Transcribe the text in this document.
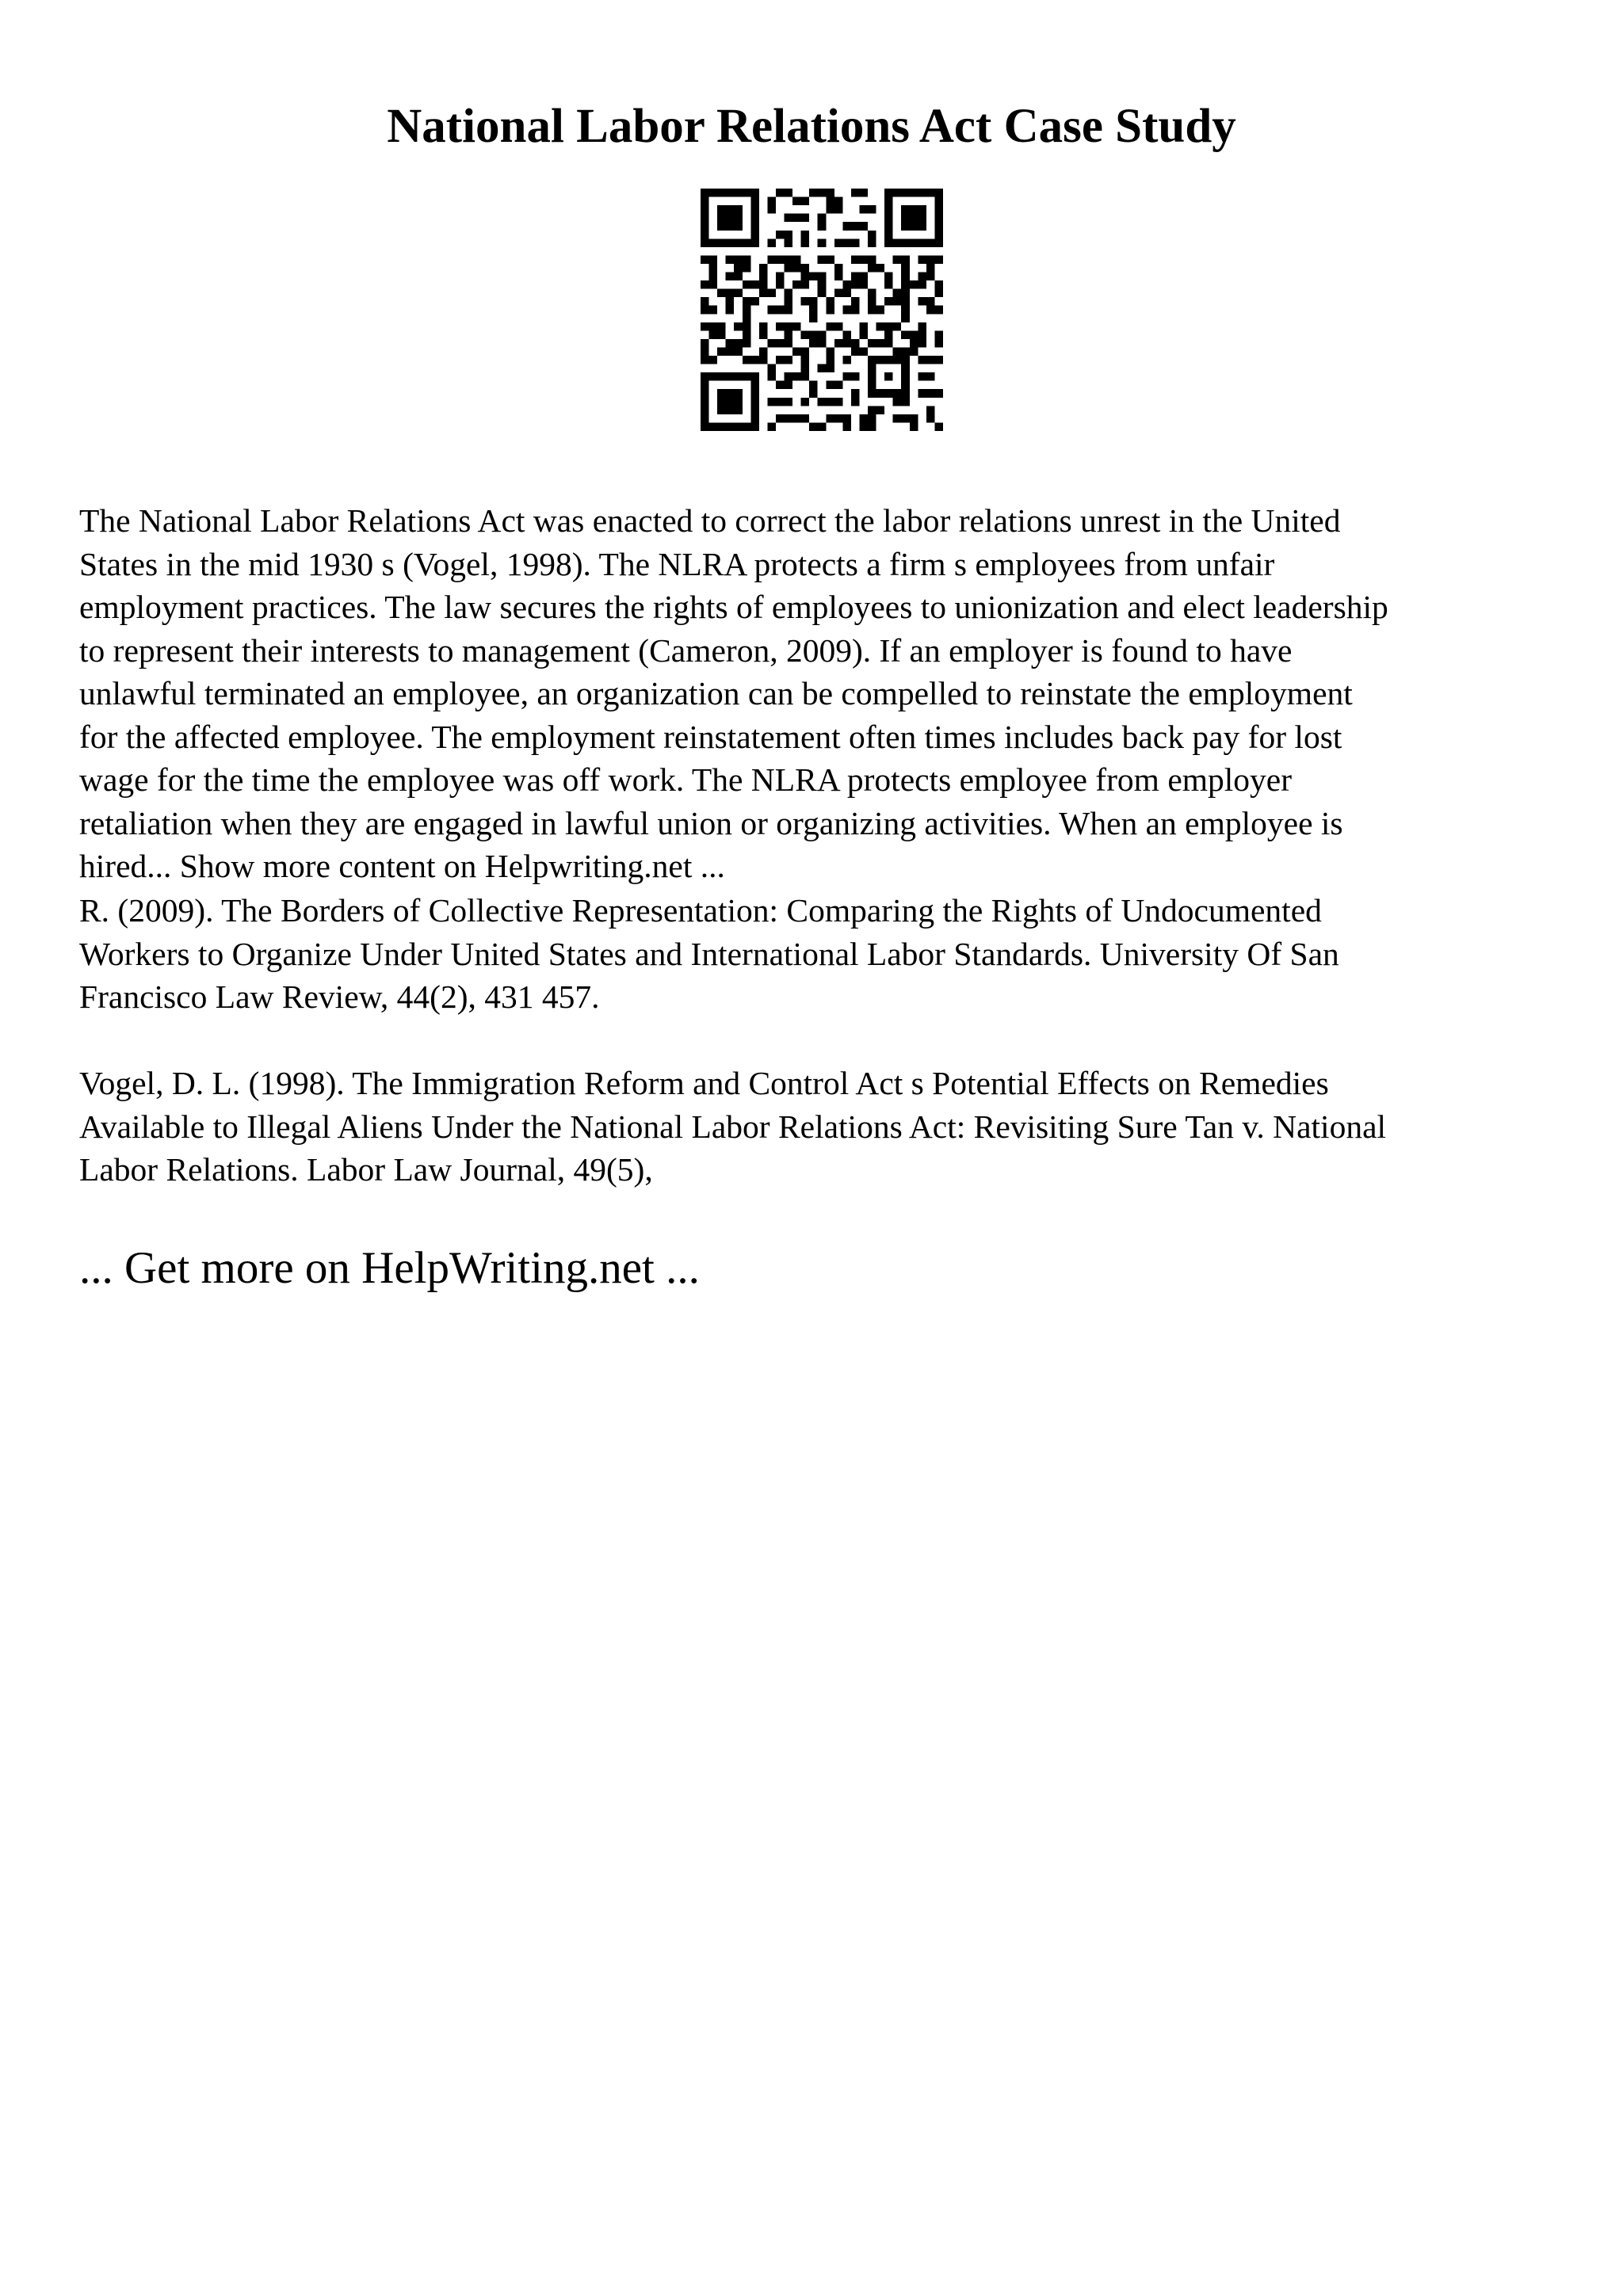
National Labor Relations Act Case Study

The National Labor Relations Act was enacted to correct the labor relations unrest in the United
States in the mid 1930 s (Vogel, 1998). The NLRA protects a firm s employees from unfair
employment practices. The law secures the rights of employees to unionization and elect leadership
to represent their interests to management (Cameron, 2009). If an employer is found to have
unlawful terminated an employee, an organization can be compelled to reinstate the employment
for the affected employee. The employment reinstatement often times includes back pay for lost
wage for the time the employee was off work. The NLRA protects employee from employer
retaliation when they are engaged in lawful union or organizing activities. When an employee is
hired... Show more content on Helpwriting.net ...

R. (2009). The Borders of Collective Representation: Comparing the Rights of Undocumented
Workers to Organize Under United States and International Labor Standards. University Of San
Francisco Law Review, 44(2), 431 457.

Vogel, D. L. (1998). The Immigration Reform and Control Act s Potential Effects on Remedies
Available to Illegal Aliens Under the National Labor Relations Act: Revisiting Sure Tan v. National
Labor Relations. Labor Law Journal, 49(5),

... Get more on HelpWriting.net ...
